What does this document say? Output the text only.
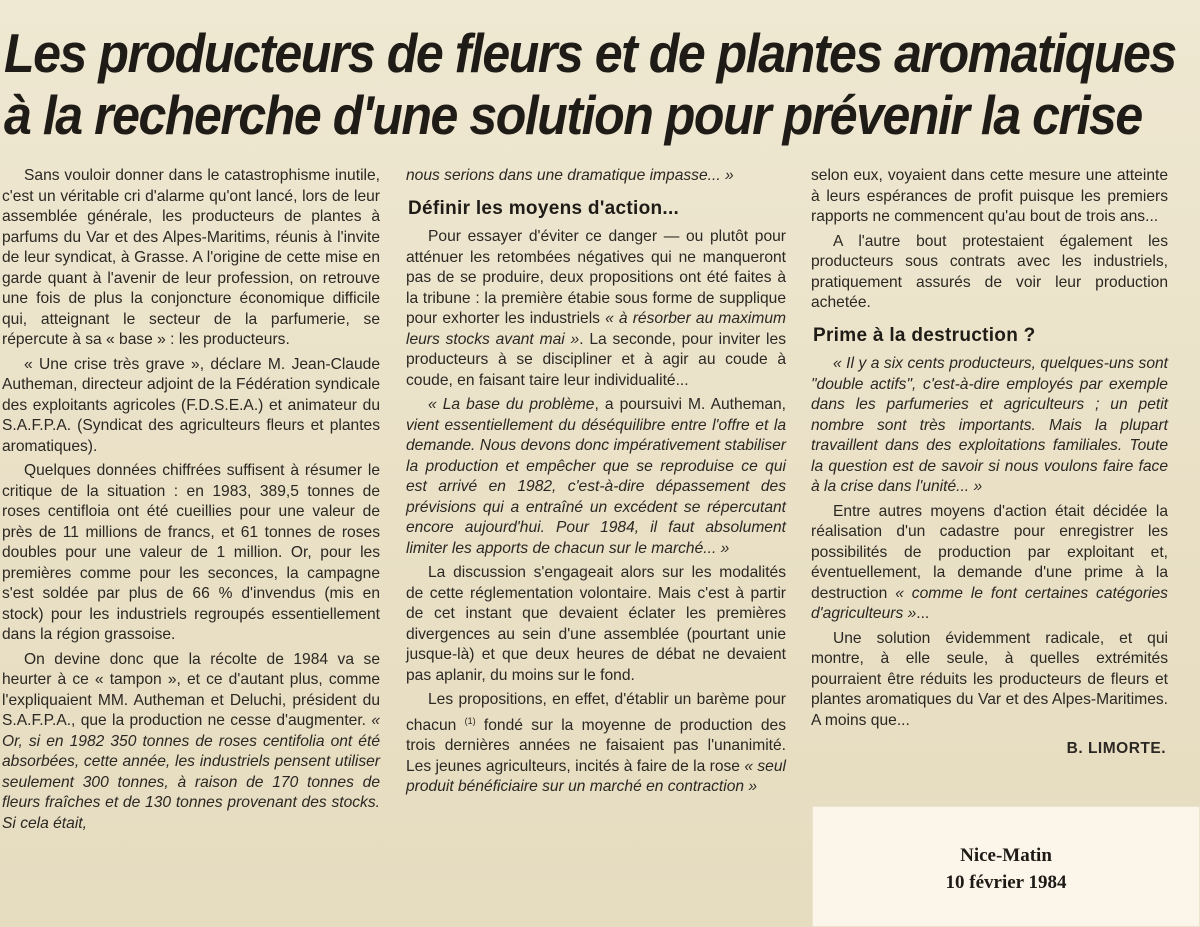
Les producteurs de fleurs et de plantes aromatiques
à la recherche d'une solution pour prévenir la crise

Sans vouloir donner dans le catastrophisme inutile, c'est un véritable cri d'alarme qu'ont lancé, lors de leur assemblée générale, les producteurs de plantes à parfums du Var et des Alpes-Maritims, réunis à l'invite de leur syndicat, à Grasse. A l'origine de cette mise en garde quant à l'avenir de leur profession, on retrouve une fois de plus la conjoncture économique difficile qui, atteignant le secteur de la parfumerie, se répercute à sa « base » : les producteurs.

« Une crise très grave », déclare M. Jean-Claude Autheman, directeur adjoint de la Fédération syndicale des exploitants agricoles (F.D.S.E.A.) et animateur du S.A.F.P.A. (Syndicat des agriculteurs fleurs et plantes aromatiques).

Quelques données chiffrées suffisent à résumer le critique de la situation : en 1983, 389,5 tonnes de roses centifloia ont été cueillies pour une valeur de près de 11 millions de francs, et 61 tonnes de roses doubles pour une valeur de 1 million. Or, pour les premières comme pour les seconces, la campagne s'est soldée par plus de 66 % d'invendus (mis en stock) pour les industriels regroupés essentiellement dans la région grassoise.

On devine donc que la récolte de 1984 va se heurter à ce « tampon », et ce d'autant plus, comme l'expliquaient MM. Autheman et Deluchi, président du S.A.F.P.A., que la production ne cesse d'augmenter. « Or, si en 1982 350 tonnes de roses centifolia ont été absorbées, cette année, les industriels pensent utiliser seulement 300 tonnes, à raison de 170 tonnes de fleurs fraîches et de 130 tonnes provenant des stocks. Si cela était,

nous serions dans une dramatique impasse... »

Définir les moyens d'action...

Pour essayer d'éviter ce danger — ou plutôt pour atténuer les retombées négatives qui ne manqueront pas de se produire, deux propositions ont été faites à la tribune : la première étabie sous forme de supplique pour exhorter les industriels « à résorber au maximum leurs stocks avant mai ». La seconde, pour inviter les producteurs à se discipliner et à agir au coude à coude, en faisant taire leur individualité...

« La base du problème, a poursuivi M. Autheman, vient essentiellement du déséquilibre entre l'offre et la demande. Nous devons donc impérativement stabiliser la production et empêcher que se reproduise ce qui est arrivé en 1982, c'est-à-dire dépassement des prévisions qui a entraîné un excédent se répercutant encore aujourd'hui. Pour 1984, il faut absolument limiter les apports de chacun sur le marché... »

La discussion s'engageait alors sur les modalités de cette réglementation volontaire. Mais c'est à partir de cet instant que devaient éclater les premières divergences au sein d'une assemblée (pourtant unie jusque-là) et que deux heures de débat ne devaient pas aplanir, du moins sur le fond.

Les propositions, en effet, d'établir un barème pour chacun $^{(1)}$ fondé sur la moyenne de production des trois dernières années ne faisaient pas l'unanimité. Les jeunes agriculteurs, incités à faire de la rose « seul produit bénéficiaire sur un marché en contraction »

selon eux, voyaient dans cette mesure une atteinte à leurs espérances de profit puisque les premiers rapports ne commencent qu'au bout de trois ans...

A l'autre bout protestaient également les producteurs sous contrats avec les industriels, pratiquement assurés de voir leur production achetée.

Prime à la destruction ?

« Il y a six cents producteurs, quelques-uns sont "double actifs", c'est-à-dire employés par exemple dans les parfumeries et agriculteurs ; un petit nombre sont très importants. Mais la plupart travaillent dans des exploitations familiales. Toute la question est de savoir si nous voulons faire face à la crise dans l'unité... »

Entre autres moyens d'action était décidée la réalisation d'un cadastre pour enregistrer les possibilités de production par exploitant et, éventuellement, la demande d'une prime à la destruction « comme le font certaines catégories d'agriculteurs »...

Une solution évidemment radicale, et qui montre, à elle seule, à quelles extrémités pourraient être réduits les producteurs de fleurs et plantes aromatiques du Var et des Alpes-Maritimes. A moins que...

B. LIMORTE.
Nice-Matin
10 février 1984
